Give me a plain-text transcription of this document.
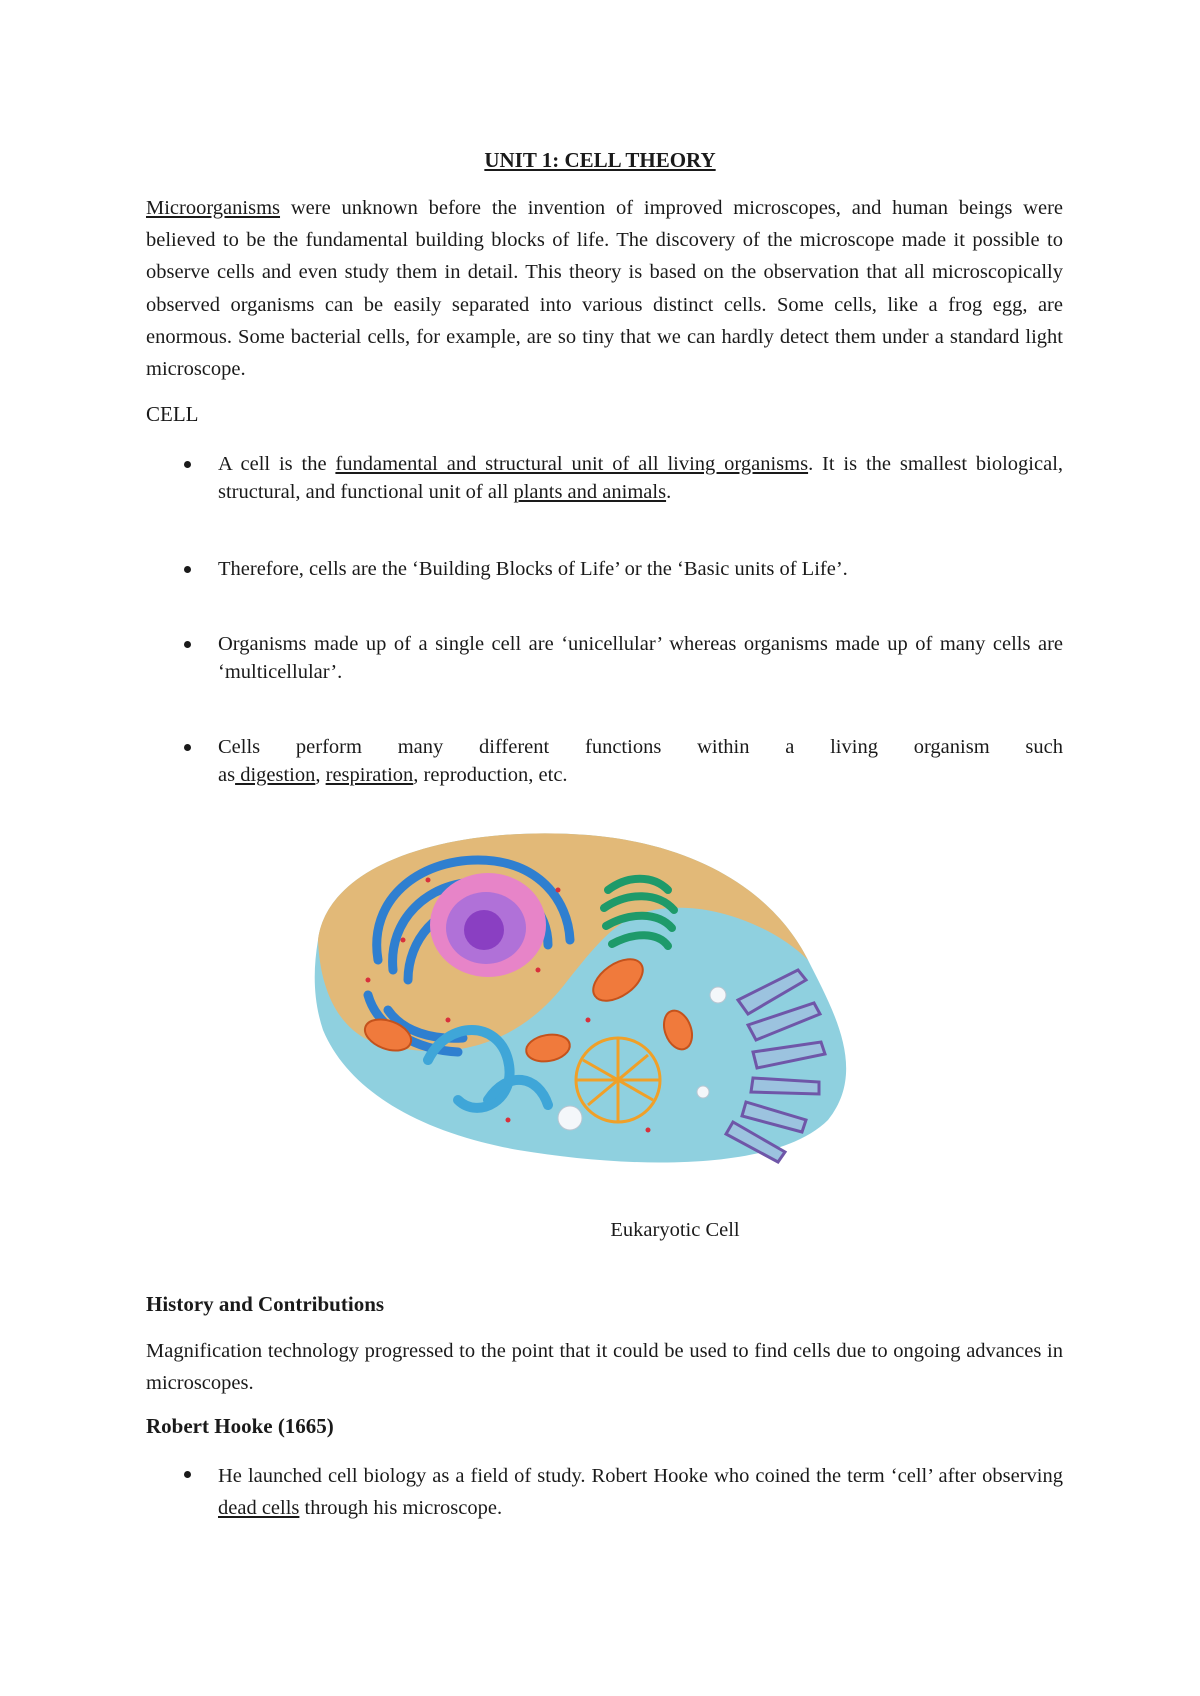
UNIT 1: CELL THEORY

Microorganisms were unknown before the invention of improved microscopes, and human beings were believed to be the fundamental building blocks of life. The discovery of the microscope made it possible to observe cells and even study them in detail. This theory is based on the observation that all microscopically observed organisms can be easily separated into various distinct cells. Some cells, like a frog egg, are enormous. Some bacterial cells, for example, are so tiny that we can hardly detect them under a standard light microscope.

CELL
A cell is the fundamental and structural unit of all living organisms. It is the smallest biological, structural, and functional unit of all plants and animals.
Therefore, cells are the ‘Building Blocks of Life’ or the ‘Basic units of Life’.
Organisms made up of a single cell are ‘unicellular’ whereas organisms made up of many cells are ‘multicellular’.
Cells perform many different functions within a living organism such
as digestion, respiration, reproduction, etc.
Eukaryotic Cell
History and Contributions
Magnification technology progressed to the point that it could be used to find cells due to ongoing advances in microscopes.
Robert Hooke (1665)
He launched cell biology as a field of study. Robert Hooke who coined the term ‘cell’ after observing dead cells through his microscope.
